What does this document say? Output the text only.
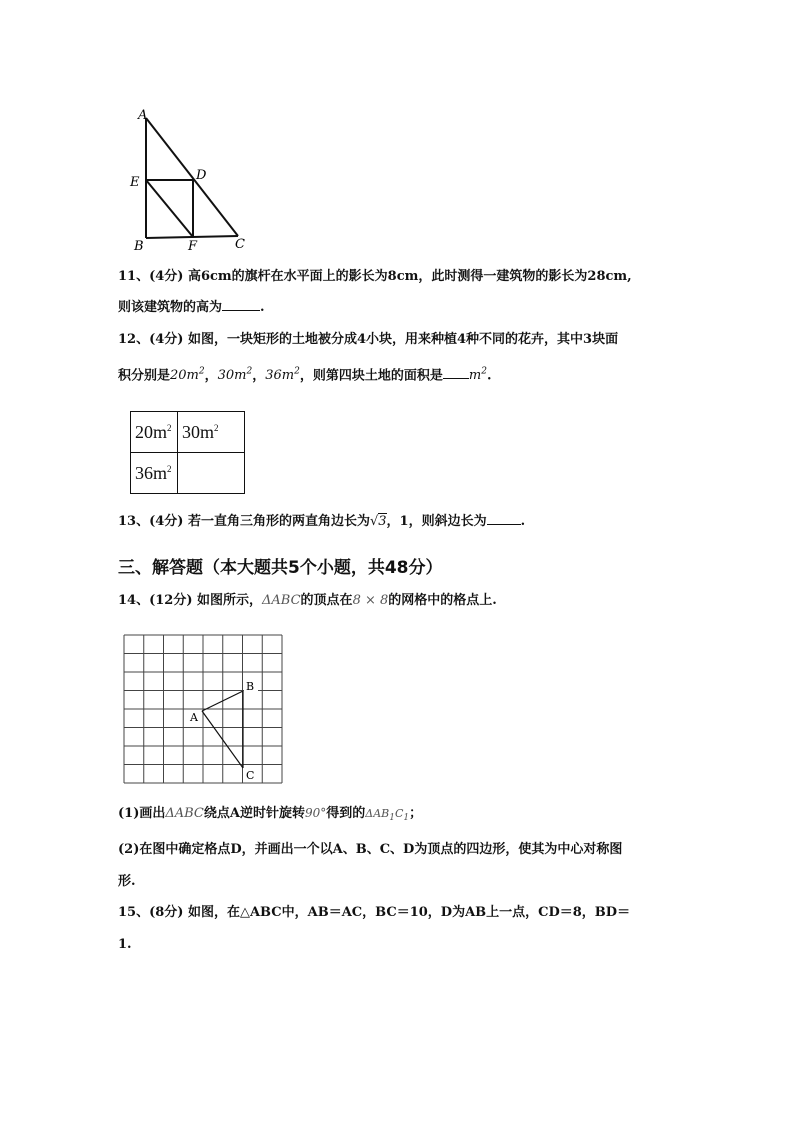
A
E	D
B	F	C
11、(4分) 高6cm的旗杆在水平面上的影长为8cm，此时测得一建筑物的影长为28cm,
则该建筑物的高为	.
12、(4分) 如图，一块矩形的土地被分成4小块，用来种植4种不同的花卉，其中3块面
积分别是$20m^2$，$30m^2$，$36m^2$，则第四块土地的面积是 $m^2$.
$20m^2$	$30m^2$
$36m^2$	
13、(4分) 若一直角三角形的两直角边长为√3，1，则斜边长为	.
三、解答题（本大题共5个小题，共48分）
14、(12分) 如图所示，ΔABC的顶点在8 × 8的网格中的格点上.
B
A
C
(1)画出ΔABC绕点A逆时针旋转90°得到的$\Delta AB_1C_1$；
(2)在图中确定格点D，并画出一个以A、B、C、D为顶点的四边形，使其为中心对称图
形.
15、(8分) 如图，在△ABC中，AB＝AC，BC＝10，D为AB上一点，CD＝8，BD＝
1.
